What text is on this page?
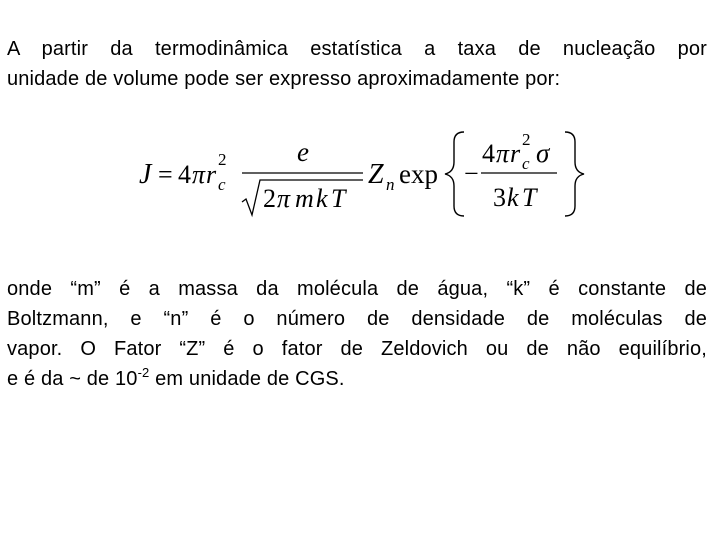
A partir da termodinâmica estatística a taxa de nucleação por
unidade de volume pode ser expresso aproximadamente por:

J = 4 π r
2
c
e
2 π m k T
Z n exp −
4 π r 2
c σ
3 k T

onde “m” é a massa da molécula de água, “k” é constante de
Boltzmann, e “n” é o número de densidade de moléculas de
vapor. O Fator “Z” é o fator de Zeldovich ou de não equilíbrio,
e é da ~ de $10^{-2}$ em unidade de CGS.
